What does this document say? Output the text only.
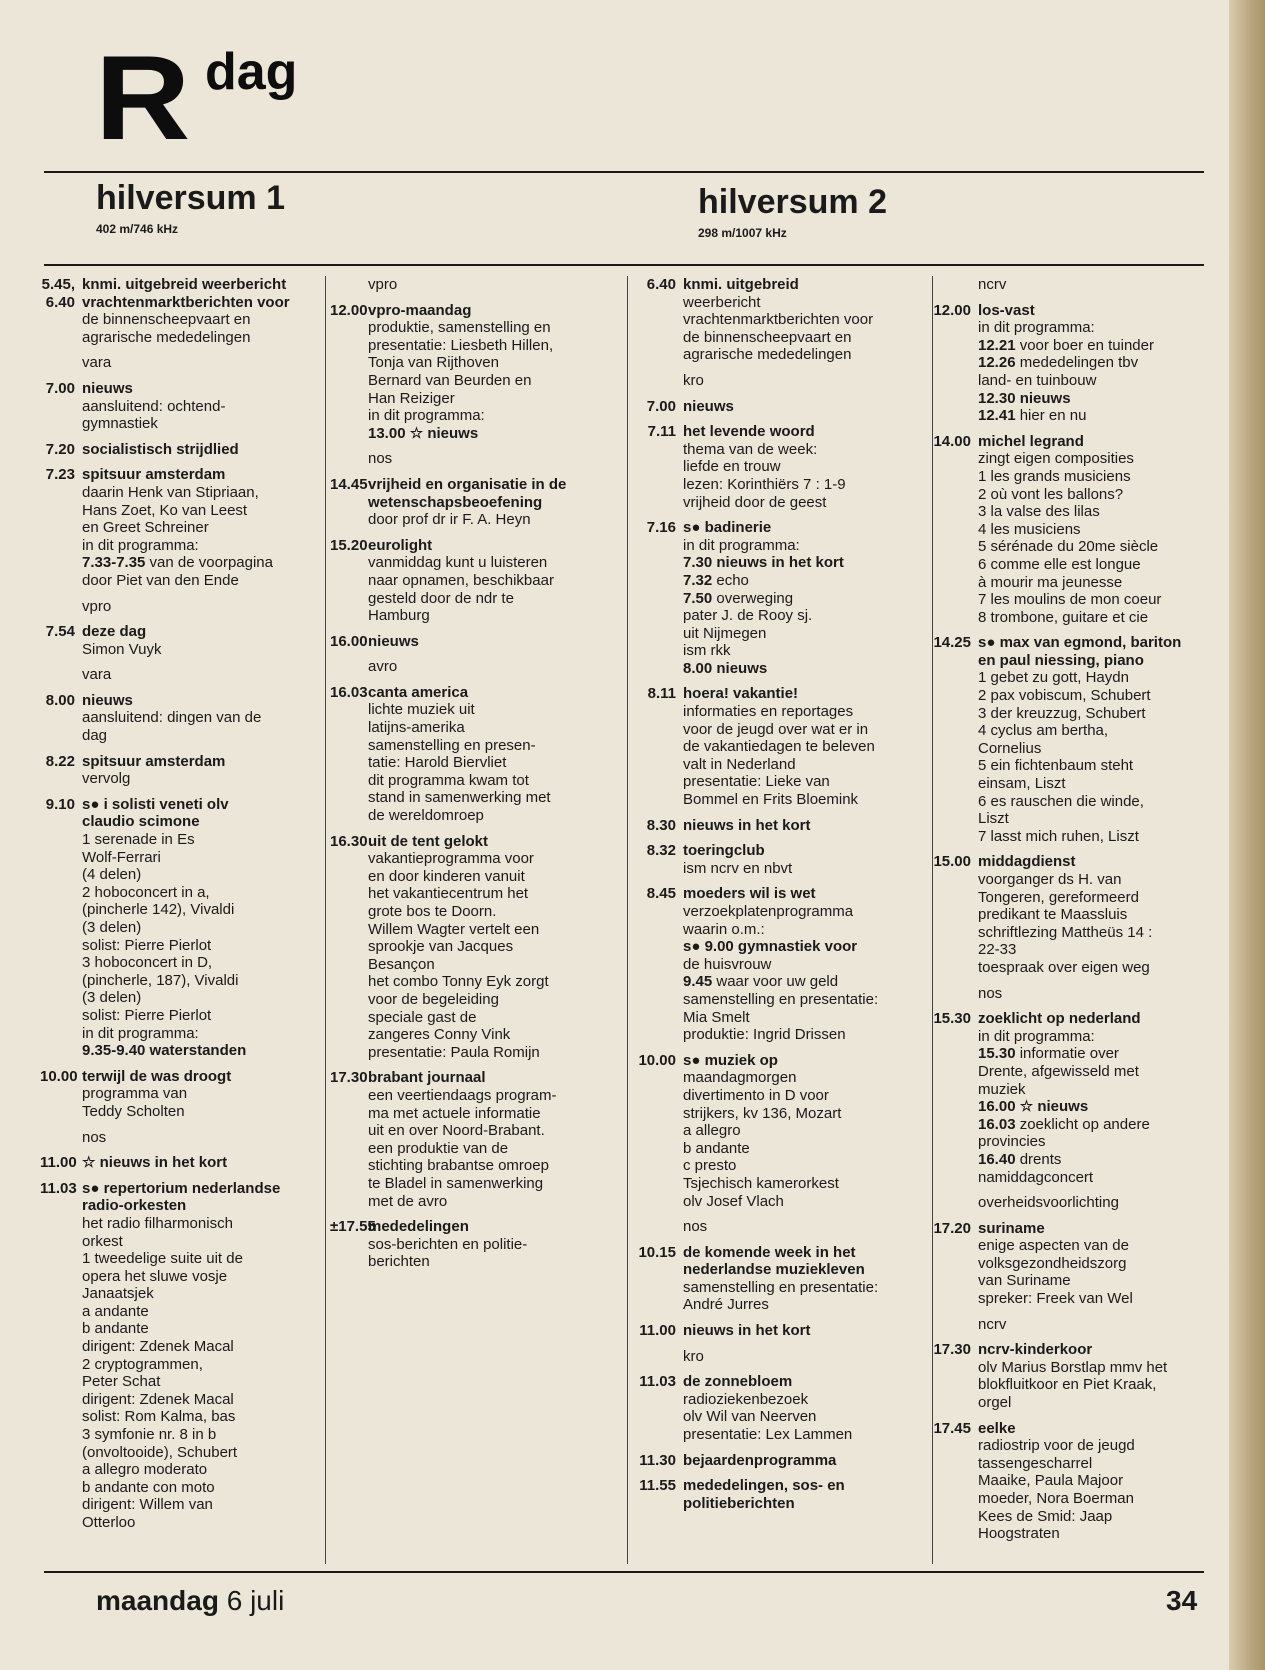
R dag
hilversum 1
402 m/746 kHz
hilversum 2
298 m/1007 kHz
5.45, 6.40
knmi. uitgebreid weerbericht
vrachtenmarktberichten voor
de binnenscheepvaart en
agrarische mededelingen
vara
7.00 nieuws
aansluitend: ochtend-
gymnastiek
7.20 socialistisch strijdlied
7.23 spitsuur amsterdam
daarin Henk van Stipriaan,
Hans Zoet, Ko van Leest
en Greet Schreiner
in dit programma:
7.33-7.35 van de voorpagina
door Piet van den Ende
vpro
7.54 deze dag
Simon Vuyk
vara
8.00 nieuws
aansluitend: dingen van de
dag
8.22 spitsuur amsterdam
vervolg
9.10 s● i solisti veneti olv
claudio scimone
1 serenade in Es
Wolf-Ferrari
(4 delen)
2 hoboconcert in a,
(pincherle 142), Vivaldi
(3 delen)
solist: Pierre Pierlot
3 hoboconcert in D,
(pincherle, 187), Vivaldi
(3 delen)
solist: Pierre Pierlot
in dit programma:
9.35-9.40 waterstanden
10.00 terwijl de was droogt
programma van
Teddy Scholten
nos
11.00 ☆ nieuws in het kort
11.03 s● repertorium nederlandse
radio-orkesten
het radio filharmonisch
orkest
1 tweedelige suite uit de
opera het sluwe vosje
Janaatsjek
a andante
b andante
dirigent: Zdenek Macal
2 cryptogrammen,
Peter Schat
dirigent: Zdenek Macal
solist: Rom Kalma, bas
3 symfonie nr. 8 in b
(onvoltooide), Schubert
a allegro moderato
b andante con moto
dirigent: Willem van
Otterloo
vpro
12.00 vpro-maandag
produktie, samenstelling en
presentatie: Liesbeth Hillen,
Tonja van Rijthoven
Bernard van Beurden en
Han Reiziger
in dit programma:
13.00 ☆ nieuws
nos
14.45 vrijheid en organisatie in de
wetenschapsbeoefening
door prof dr ir F. A. Heyn
15.20 eurolight
vanmiddag kunt u luisteren
naar opnamen, beschikbaar
gesteld door de ndr te
Hamburg
16.00 nieuws
avro
16.03 canta america
lichte muziek uit
latijns-amerika
samenstelling en presen-
tatie: Harold Biervliet
dit programma kwam tot
stand in samenwerking met
de wereldomroep
16.30 uit de tent gelokt
vakantieprogramma voor
en door kinderen vanuit
het vakantiecentrum het
grote bos te Doorn.
Willem Wagter vertelt een
sprookje van Jacques
Besançon
het combo Tonny Eyk zorgt
voor de begeleiding
speciale gast de
zangeres Conny Vink
presentatie: Paula Romijn
17.30 brabant journaal
een veertiendaags program-
ma met actuele informatie
uit en over Noord-Brabant.
een produktie van de
stichting brabantse omroep
te Bladel in samenwerking
met de avro
±17.55
mededelingen
sos-berichten en politie-
berichten
6.40 knmi. uitgebreid
weerbericht
vrachtenmarktberichten voor
de binnenscheepvaart en
agrarische mededelingen
kro
7.00 nieuws
7.11 het levende woord
thema van de week:
liefde en trouw
lezen: Korinthiërs 7 : 1-9
vrijheid door de geest
7.16 s● badinerie
in dit programma:
7.30 nieuws in het kort
7.32 echo
7.50 overweging
pater J. de Rooy sj.
uit Nijmegen
ism rkk
8.00 nieuws
8.11 hoera! vakantie!
informaties en reportages
voor de jeugd over wat er in
de vakantiedagen te beleven
valt in Nederland
presentatie: Lieke van
Bommel en Frits Bloemink
8.30 nieuws in het kort
8.32 toeringclub
ism ncrv en nbvt
8.45 moeders wil is wet
verzoekplatenprogramma
waarin o.m.:
s● 9.00 gymnastiek voor
de huisvrouw
9.45 waar voor uw geld
samenstelling en presentatie:
Mia Smelt
produktie: Ingrid Drissen
10.00 s● muziek op
maandagmorgen
divertimento in D voor
strijkers, kv 136, Mozart
a allegro
b andante
c presto
Tsjechisch kamerorkest
olv Josef Vlach
nos
10.15 de komende week in het
nederlandse muziekleven
samenstelling en presentatie:
André Jurres
11.00 nieuws in het kort
kro
11.03 de zonnebloem
radioziekenbezoek
olv Wil van Neerven
presentatie: Lex Lammen
11.30 bejaardenprogramma
11.55 mededelingen, sos- en
politieberichten
ncrv
12.00 los-vast
in dit programma:
12.21 voor boer en tuinder
12.26 mededelingen tbv
land- en tuinbouw
12.30 nieuws
12.41 hier en nu
14.00 michel legrand
zingt eigen composities
1 les grands musiciens
2 où vont les ballons?
3 la valse des lilas
4 les musiciens
5 sérénade du 20me siècle
6 comme elle est longue
à mourir ma jeunesse
7 les moulins de mon coeur
8 trombone, guitare et cie
14.25 s● max van egmond, bariton
en paul niessing, piano
1 gebet zu gott, Haydn
2 pax vobiscum, Schubert
3 der kreuzzug, Schubert
4 cyclus am bertha,
Cornelius
5 ein fichtenbaum steht
einsam, Liszt
6 es rauschen die winde,
Liszt
7 lasst mich ruhen, Liszt
15.00 middagdienst
voorganger ds H. van
Tongeren, gereformeerd
predikant te Maassluis
schriftlezing Mattheüs 14 :
22-33
toespraak over eigen weg
nos
15.30 zoeklicht op nederland
in dit programma:
15.30 informatie over
Drente, afgewisseld met
muziek
16.00 ☆ nieuws
16.03 zoeklicht op andere
provincies
16.40 drents
namiddagconcert
overheidsvoorlichting
17.20 suriname
enige aspecten van de
volksgezondheidszorg
van Suriname
spreker: Freek van Wel
ncrv
17.30 ncrv-kinderkoor
olv Marius Borstlap mmv het
blokfluitkoor en Piet Kraak,
orgel
17.45 eelke
radiostrip voor de jeugd
tassengescharrel
Maaike, Paula Majoor
moeder, Nora Boerman
Kees de Smid: Jaap
Hoogstraten
maandag 6 juli	34
